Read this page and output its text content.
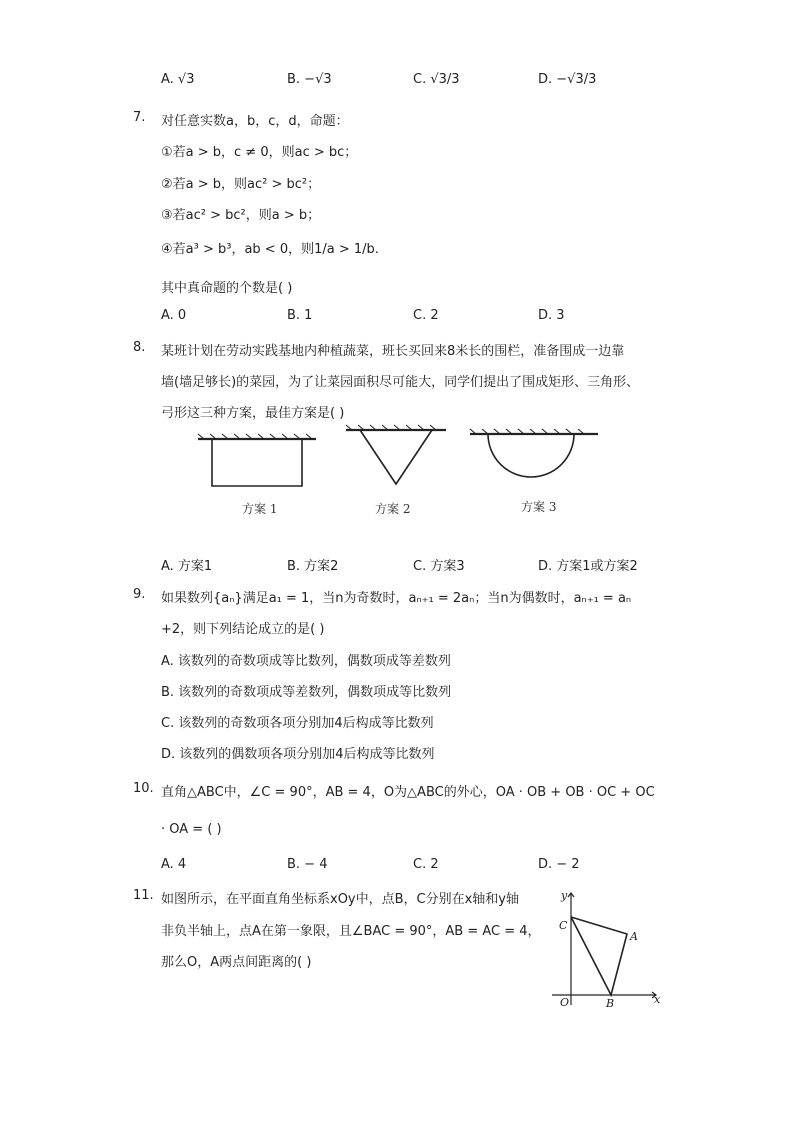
A. √3	B. −√3	C. √3/3	D. −√3/3
7. 对任意实数a，b，c，d，命题：
①若a > b，c ≠ 0，则ac > bc；
②若a > b，则ac² > bc²；
③若ac² > bc²，则a > b；
④若a³ > b³，ab < 0，则1/a > 1/b.
其中真命题的个数是( )
A. 0	B. 1	C. 2	D. 3
8. 某班计划在劳动实践基地内种植蔬菜，班长买回来8米长的围栏，准备围成一边靠
墙(墙足够长)的菜园，为了让菜园面积尽可能大，同学们提出了围成矩形、三角形、
弓形这三种方案，最佳方案是( )
方案 1	方案 2	方案 3
A. 方案1	B. 方案2	C. 方案3	D. 方案1或方案2
9. 如果数列{aₙ}满足a₁ = 1，当n为奇数时，aₙ₊₁ = 2aₙ；当n为偶数时，aₙ₊₁ = aₙ
+2，则下列结论成立的是( )
A. 该数列的奇数项成等比数列，偶数项成等差数列
B. 该数列的奇数项成等差数列，偶数项成等比数列
C. 该数列的奇数项各项分别加4后构成等比数列
D. 该数列的偶数项各项分别加4后构成等比数列
10. 直角△ABC中，∠C = 90°，AB = 4，O为△ABC的外心，OA · OB + OB · OC + OC
· OA = ( )
A. 4	B. − 4	C. 2	D. − 2
11. 如图所示，在平面直角坐标系xOy中，点B，C分别在x轴和y轴
非负半轴上，点A在第一象限，且∠BAC = 90°，AB = AC = 4，
那么O，A两点间距离的( )
y
x
O
C
A
B
